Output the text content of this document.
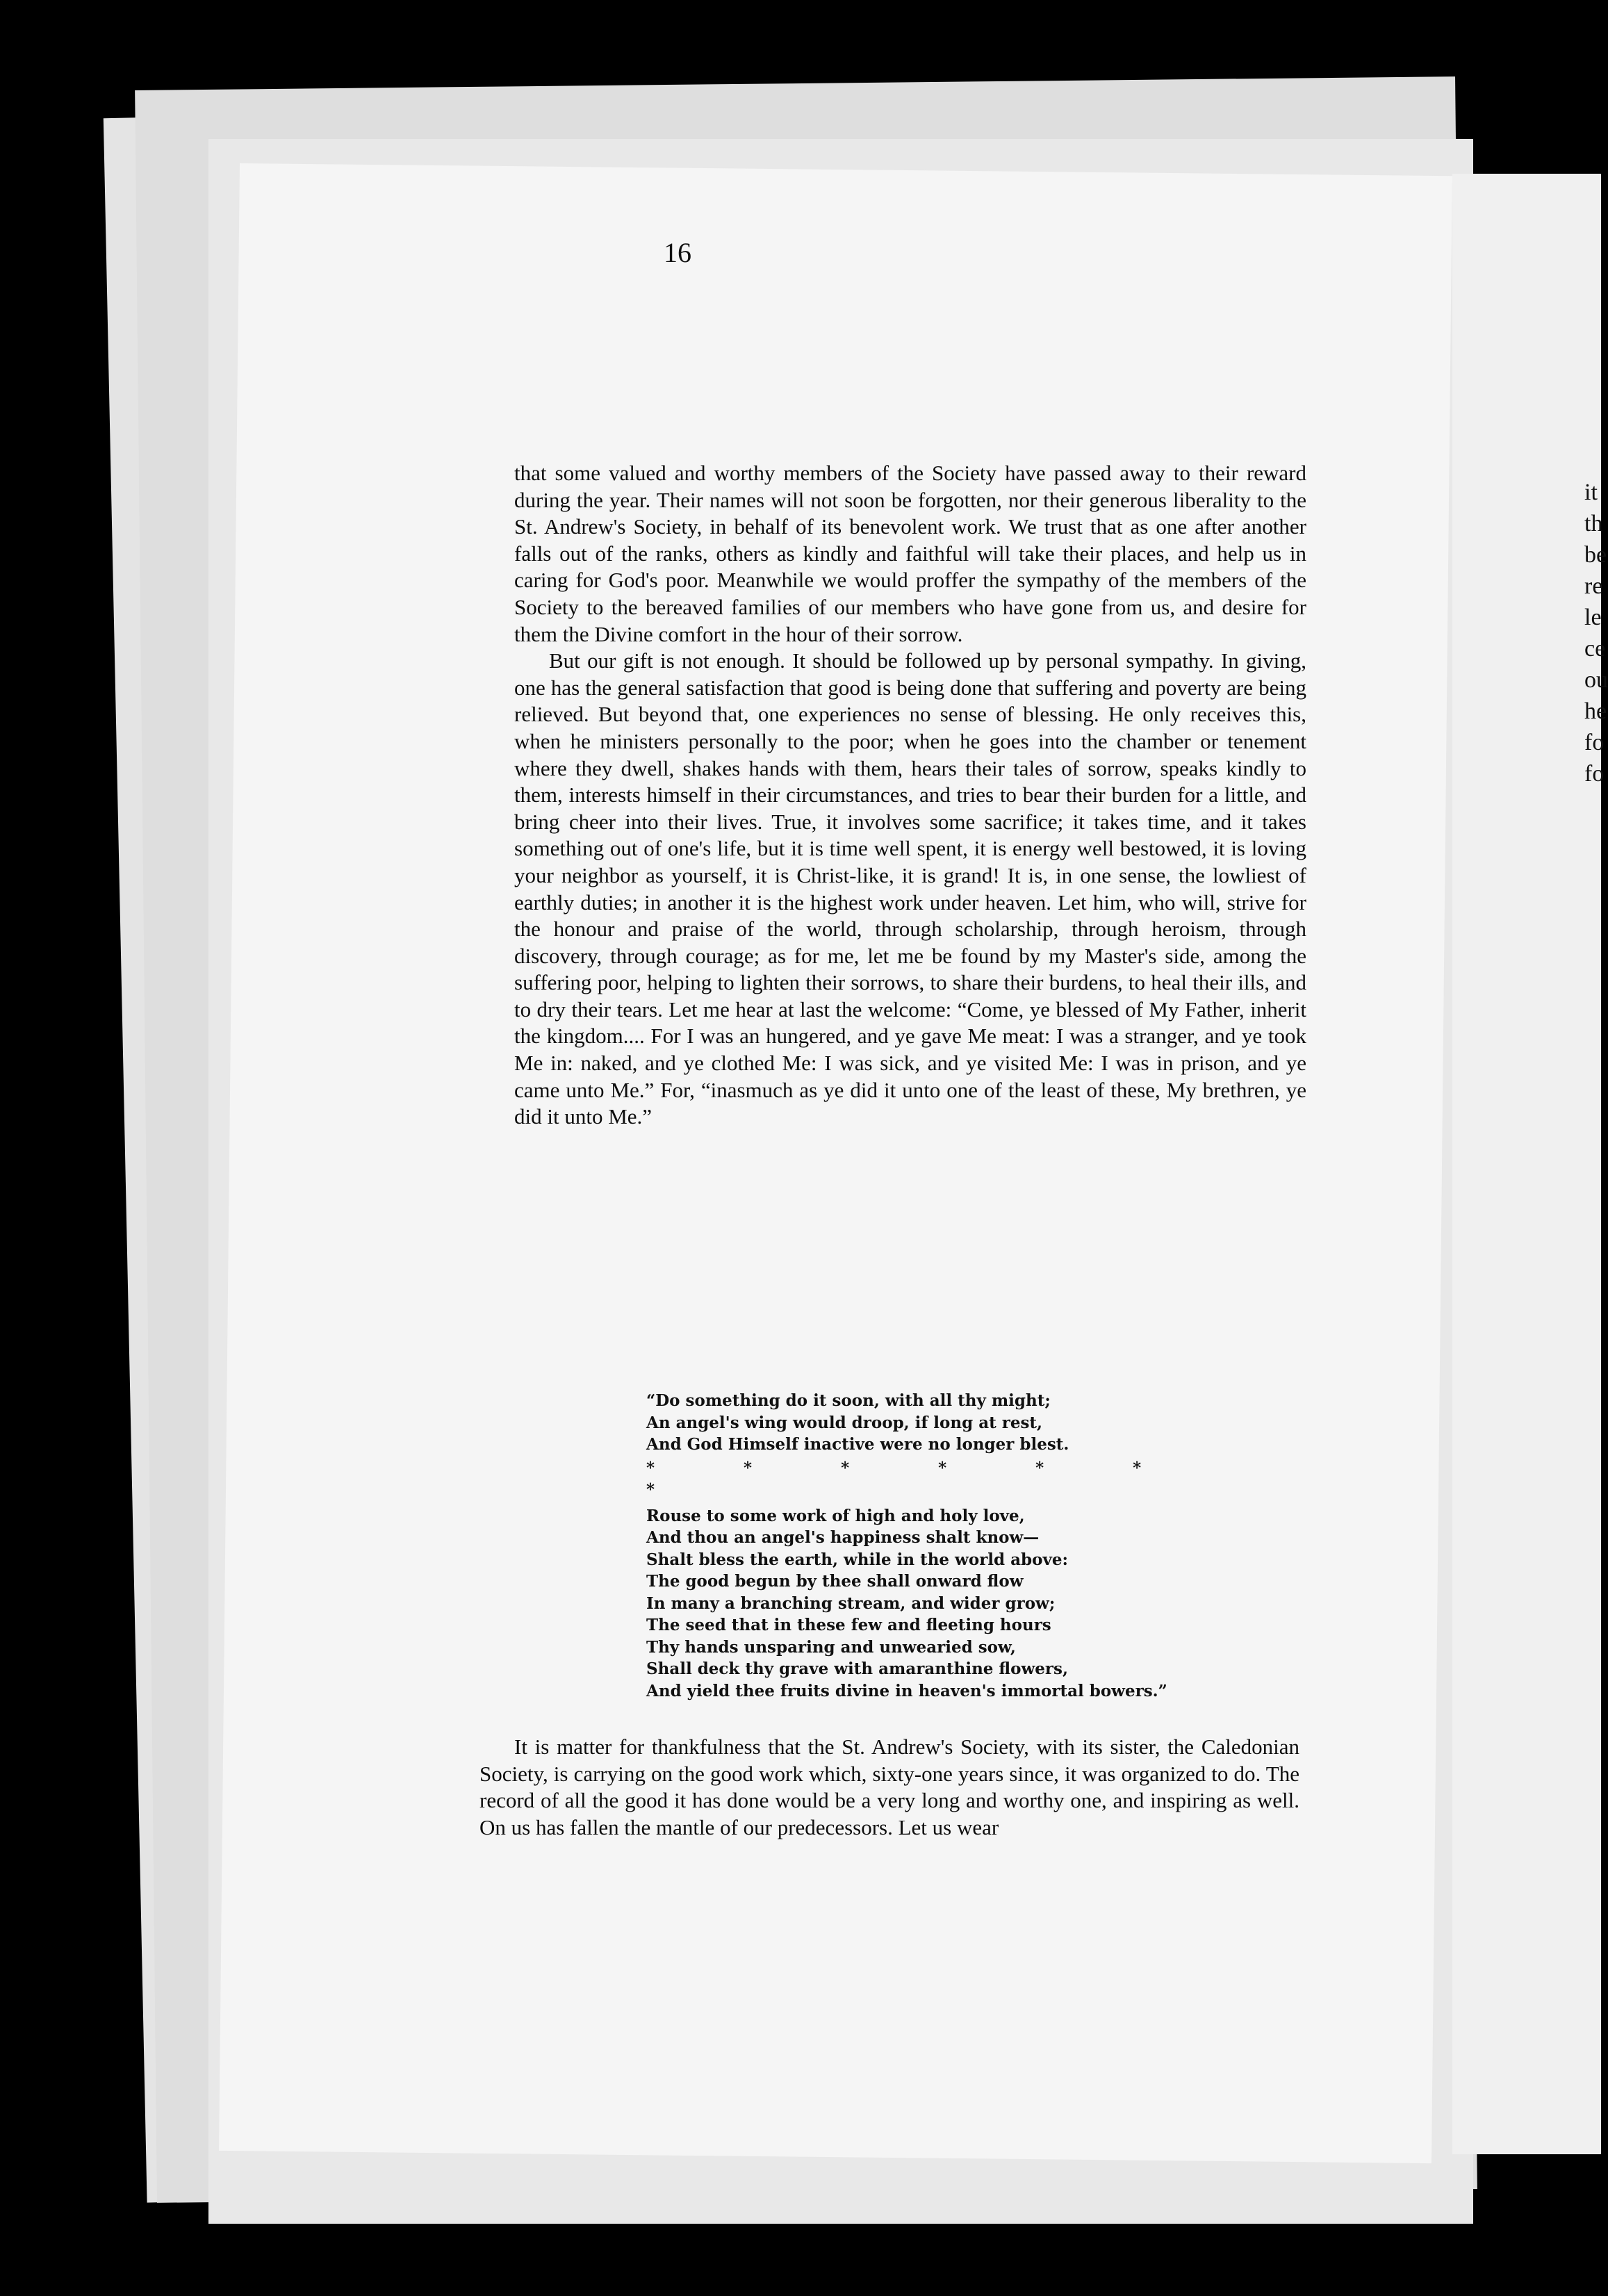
it
th
be
re
le
ce
ou
he
fo
fo
16

that some valued and worthy members of the Society have passed away to their reward during the year. Their names will not soon be forgotten, nor their generous liberality to the St. Andrew's Society, in behalf of its benevolent work. We trust that as one after another falls out of the ranks, others as kindly and faithful will take their places, and help us in caring for God's poor. Meanwhile we would proffer the sympathy of the members of the Society to the bereaved families of our members who have gone from us, and desire for them the Divine comfort in the hour of their sorrow.

But our gift is not enough. It should be followed up by personal sympathy. In giving, one has the general satisfaction that good is being done that suffering and poverty are being relieved. But beyond that, one experiences no sense of blessing. He only receives this, when he ministers personally to the poor; when he goes into the chamber or tenement where they dwell, shakes hands with them, hears their tales of sorrow, speaks kindly to them, interests himself in their circumstances, and tries to bear their burden for a little, and bring cheer into their lives. True, it involves some sacrifice; it takes time, and it takes something out of one's life, but it is time well spent, it is energy well bestowed, it is loving your neighbor as yourself, it is Christ-like, it is grand! It is, in one sense, the lowliest of earthly duties; in another it is the highest work under heaven. Let him, who will, strive for the honour and praise of the world, through scholarship, through heroism, through discovery, through courage; as for me, let me be found by my Master's side, among the suffering poor, helping to lighten their sorrows, to share their burdens, to heal their ills, and to dry their tears. Let me hear at last the welcome: “Come, ye blessed of My Father, inherit the kingdom.... For I was an hungered, and ye gave Me meat: I was a stranger, and ye took Me in: naked, and ye clothed Me: I was sick, and ye visited Me: I was in prison, and ye came unto Me.” For, “inasmuch as ye did it unto one of the least of these, My brethren, ye did it unto Me.”

“Do something do it soon, with all thy might;
An angel's wing would droop, if long at rest,
And God Himself inactive were no longer blest.
* * * * * * *
Rouse to some work of high and holy love,
And thou an angel's happiness shalt know—
Shalt bless the earth, while in the world above:
The good begun by thee shall onward flow
In many a branching stream, and wider grow;
The seed that in these few and fleeting hours
Thy hands unsparing and unwearied sow,
Shall deck thy grave with amaranthine flowers,
And yield thee fruits divine in heaven's immortal bowers.”
It is matter for thankfulness that the St. Andrew's Society, with its sister, the Caledonian Society, is carrying on the good work which, sixty-one years since, it was organized to do. The record of all the good it has done would be a very long and worthy one, and inspiring as well. On us has fallen the mantle of our predecessors. Let us wear
